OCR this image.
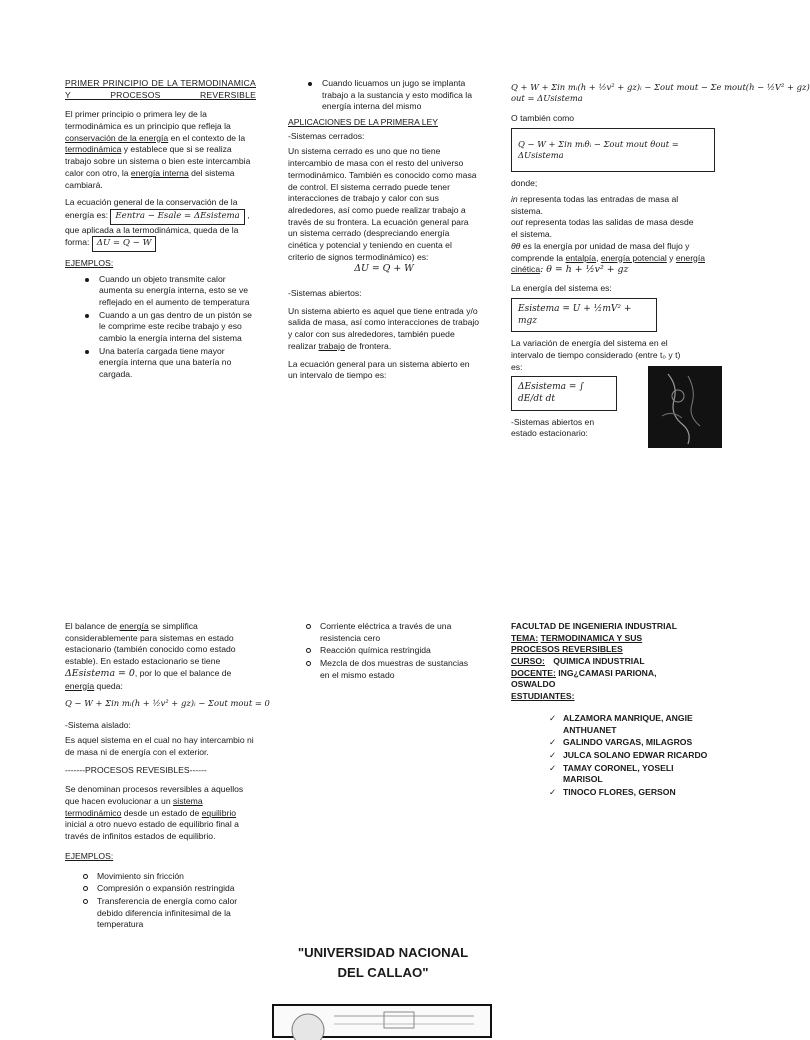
PRIMER PRINCIPIO DE LA TERMODINAMICA Y PROCESOS REVERSIBLE

El primer principio o primera ley de la termodinámica es un principio que refleja la conservación de la energía en el contexto de la termodinámica y establece que si se realiza trabajo sobre un sistema o bien este intercambia calor con otro, la energía interna del sistema cambiará.

La ecuación general de la conservación de la energía es: Eentra − Esale = ΔEsistema , que aplicada a la termodinámica, queda de la forma: ΔU = Q − W

EJEMPLOS:
Cuando un objeto transmite calor aumenta su energía interna, esto se ve reflejado en el aumento de temperatura
Cuando a un gas dentro de un pistón se le comprime este recibe trabajo y eso cambio la energía interna del sistema
Una batería cargada tiene mayor energía interna que una batería no cargada.
Cuando licuamos un jugo se implanta trabajo a la sustancia y esto modifica la energía interna del mismo
APLICACIONES DE LA PRIMERA LEY

-Sistemas cerrados:

Un sistema cerrado es uno que no tiene intercambio de masa con el resto del universo termodinámico. También es conocido como masa de control. El sistema cerrado puede tener interacciones de trabajo y calor con sus alrededores, así como puede realizar trabajo a través de su frontera. La ecuación general para un sistema cerrado (despreciando energía cinética y potencial y teniendo en cuenta el criterio de signos termodinámico) es:

ΔU = Q + W

-Sistemas abiertos:

Un sistema abierto es aquel que tiene entrada y/o salida de masa, así como interacciones de trabajo y calor con sus alrededores, también puede realizar trabajo de frontera.

La ecuación general para un sistema abierto en un intervalo de tiempo es:

Q + W + Σin mᵢ(h + ½v² + gz)ᵢ − Σout mout − Σe mout(h − ½V² + gz)
out = ΔUsistema

O también como

Q − W + Σin mᵢθᵢ − Σout mout θout = ΔUsistema

donde;

in representa todas las entradas de masa al sistema.

out representa todas las salidas de masa desde el sistema.

θθ es la energía por unidad de masa del flujo y comprende la entalpía, energía potencial y energía cinética: θ = h + ½v² + gz

La energía del sistema es:

Esistema = U + ½mV² + mgz

La variación de energía del sistema en el intervalo de tiempo considerado (entre t₀ y t) es:

ΔEsistema = ∫ dE/dt dt

-Sistemas abiertos en estado estacionario:

El balance de energía se simplifica considerablemente para sistemas en estado estacionario (también conocido como estado estable). En estado estacionario se tiene ΔEsistema = 0, por lo que el balance de energía queda:

Q − W + Σin mᵢ(h + ½v² + gz)ᵢ − Σout mout = 0

-Sistema aislado:

Es aquel sistema en el cual no hay intercambio ni de masa ni de energía con el exterior.

-------PROCESOS REVESIBLES------

Se denominan procesos reversibles a aquellos que hacen evolucionar a un sistema termodinámico desde un estado de equilibrio inicial a otro nuevo estado de equilibrio final a través de infinitos estados de equilibrio.

EJEMPLOS:
Movimiento sin fricción
Compresión o expansión restringida
Transferencia de energía como calor debido diferencia infinitesimal de la temperatura
Corriente eléctrica a través de una resistencia cero
Reacción química restringida
Mezcla de dos muestras de sustancias en el mismo estado
"UNIVERSIDAD NACIONAL DEL CALLAO"
FACULTAD DE INGENIERIA INDUSTRIAL
TEMA: TERMODINAMICA Y SUS PROCESOS REVERSIBLES
CURSO: QUIMICA INDUSTRIAL
DOCENTE: ING¿CAMASI PARIONA, OSWALDO
ESTUDIANTES:
✓ ALZAMORA MANRIQUE, ANGIE ANTHUANET
✓ GALINDO VARGAS, MILAGROS
✓ JULCA SOLANO EDWAR RICARDO
✓ TAMAY CORONEL, YOSELI MARISOL
✓ TINOCO FLORES, GERSON
